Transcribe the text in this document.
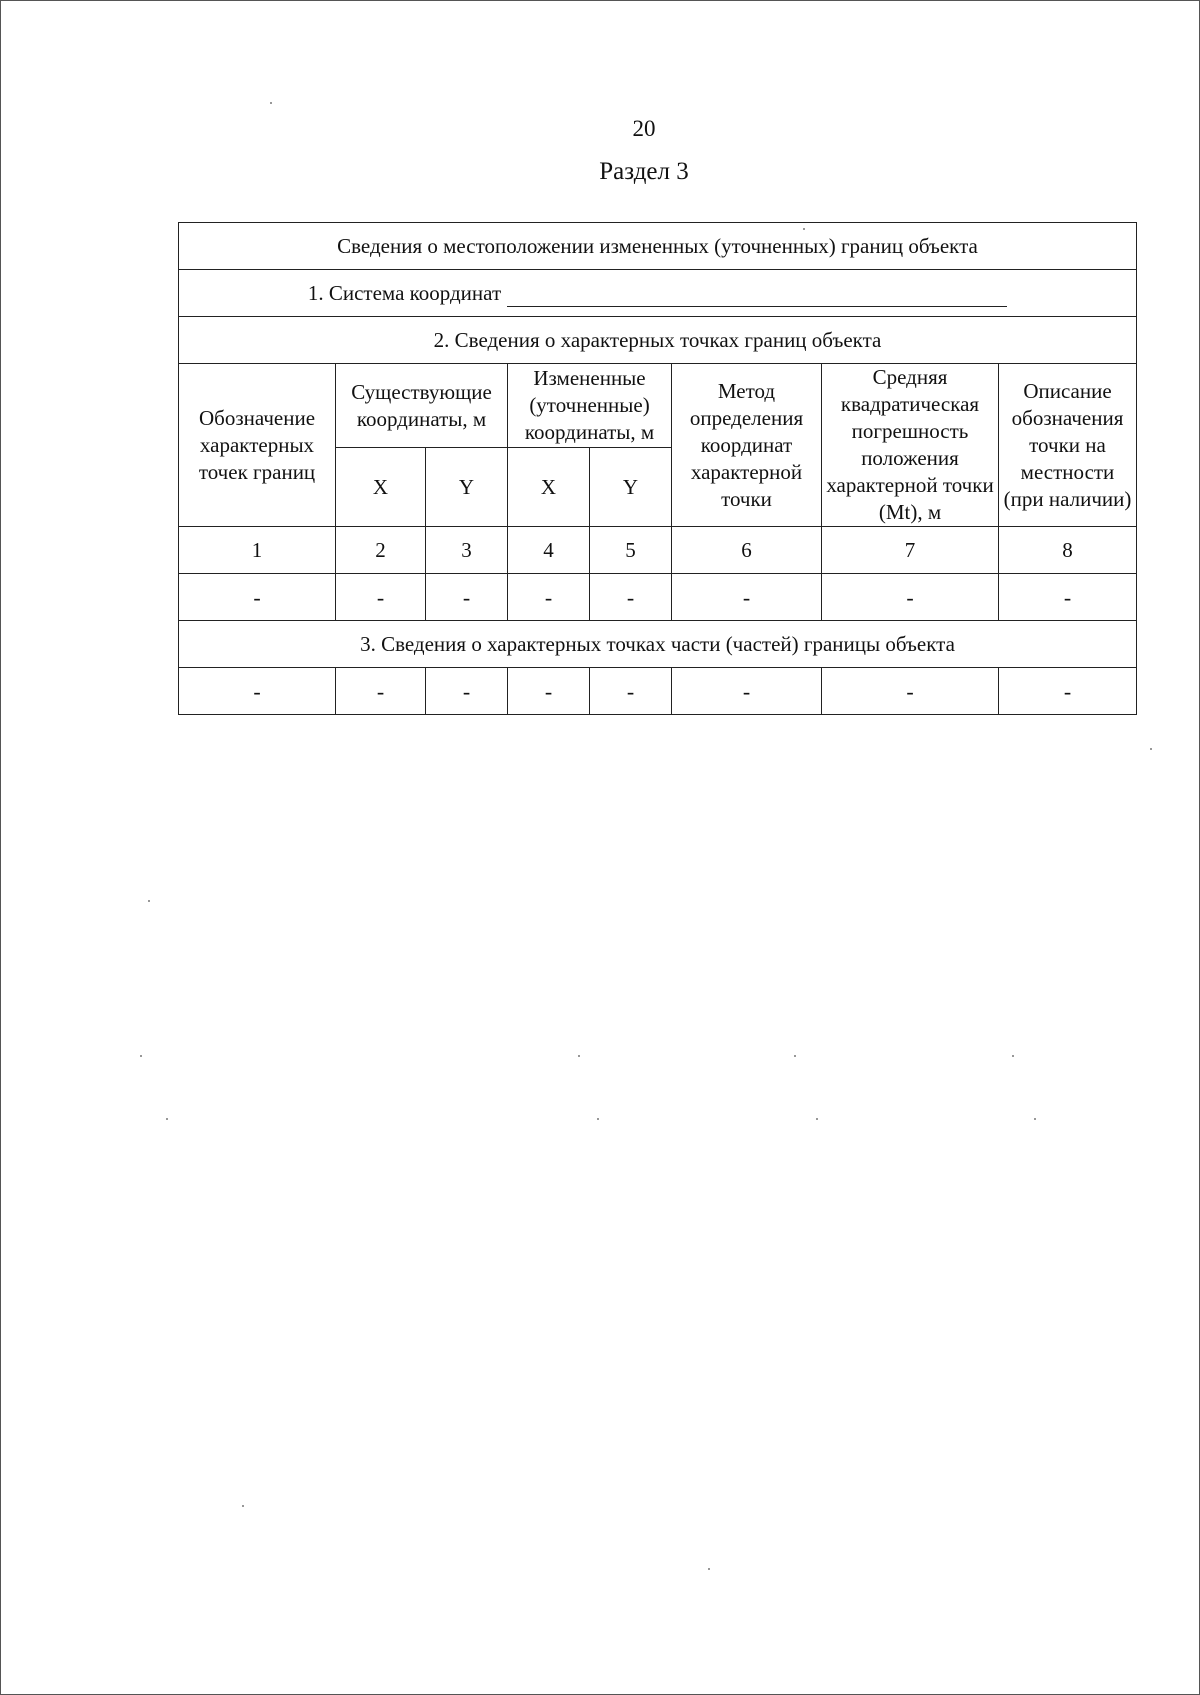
20
Раздел 3
Сведения о местоположении измененных (уточненных) границ объекта							
1. Система координат							
2. Сведения о характерных точках границ объекта							
Обозначение характерных точек границ	Существующие координаты, м		Измененные (уточненные) координаты, м		Метод определения координат характерной точки	Средняя квадратическая погрешность положения характерной точки (Mt), м	Описание обозначения точки на местности (при наличии)
	X	Y	X	Y			
1	2	3	4	5	6	7	8
-	-	-	-	-	-	-	-
3. Сведения о характерных точках части (частей) границы объекта							
-	-	-	-	-	-	-	-
